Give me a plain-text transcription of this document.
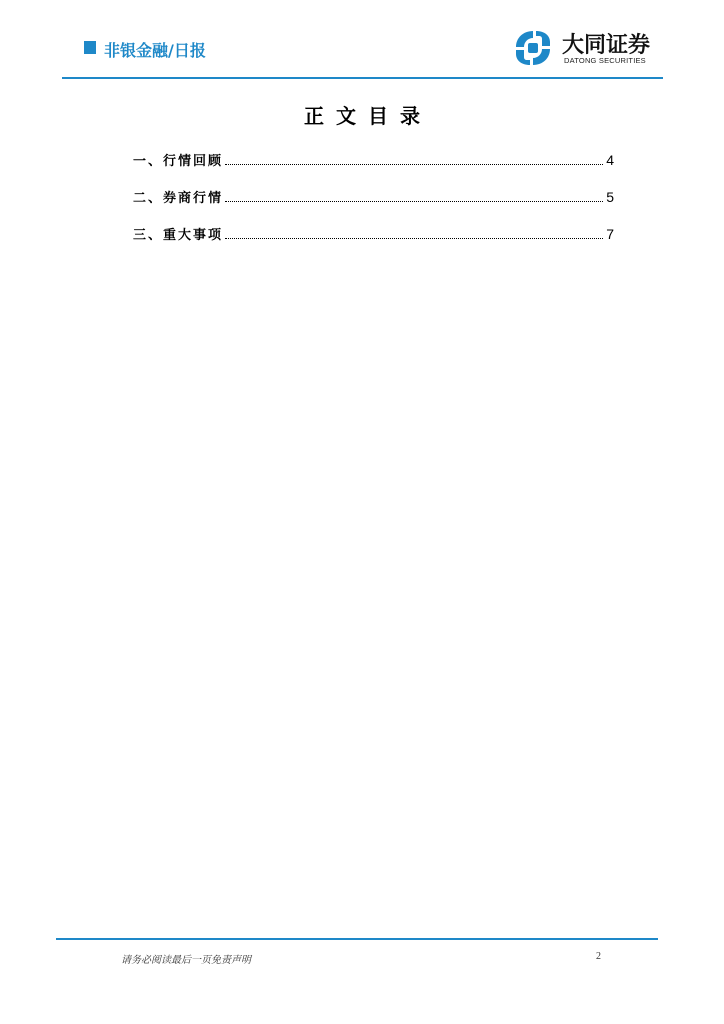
非银金融/日报	大同证券
DATONG SECURITIES
正文目录
一、行情回顾	4
二、券商行情	5
三、重大事项	7
请务必阅读最后一页免责声明	2
